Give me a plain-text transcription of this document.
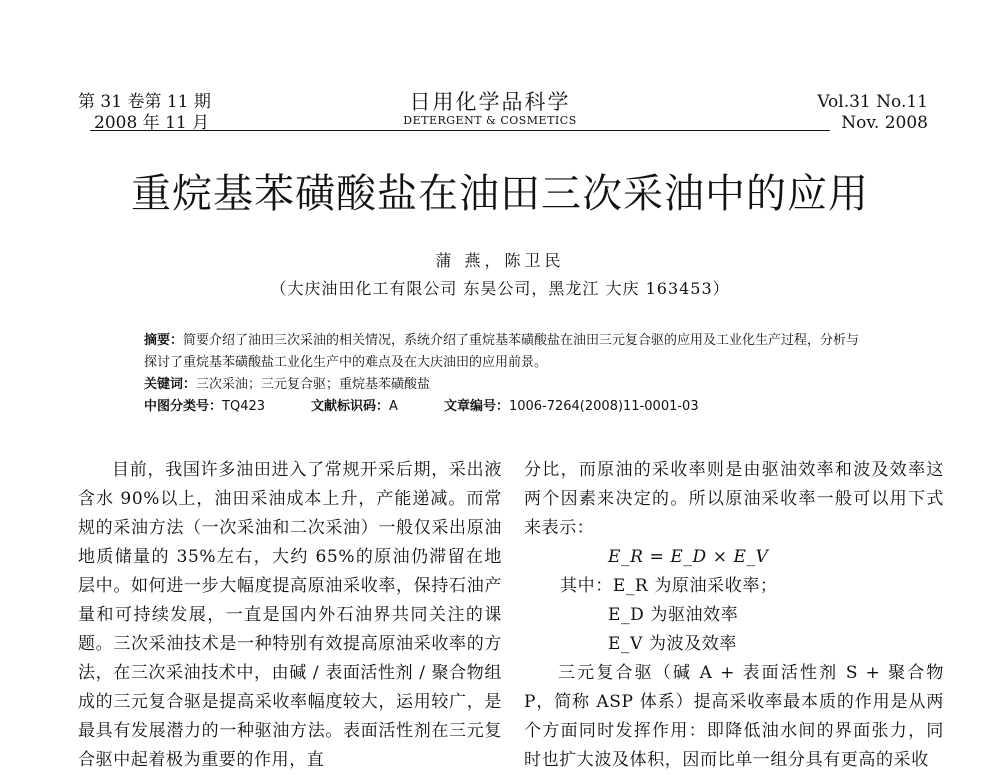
第 31 卷第 11 期
2008 年 11 月
日用化学品科学
DETERGENT & COSMETICS
Vol.31 No.11
Nov. 2008
重烷基苯磺酸盐在油田三次采油中的应用
蒲 燕，陈卫民
（大庆油田化工有限公司 东昊公司，黑龙江 大庆 163453）
摘要：简要介绍了油田三次采油的相关情况，系统介绍了重烷基苯磺酸盐在油田三元复合驱的应用及工业化生产过程，分析与探讨了重烷基苯磺酸盐工业化生产中的难点及在大庆油田的应用前景。
关键词：三次采油；三元复合驱；重烷基苯磺酸盐
中图分类号：TQ423	文献标识码：A	文章编号：1006-7264(2008)11-0001-03

目前，我国许多油田进入了常规开采后期，采出液含水 90%以上，油田采油成本上升，产能递减。而常规的采油方法（一次采油和二次采油）一般仅采出原油地质储量的 35%左右，大约 65%的原油仍滞留在地层中。如何进一步大幅度提高原油采收率，保持石油产量和可持续发展，一直是国内外石油界共同关注的课题。三次采油技术是一种特别有效提高原油采收率的方法，在三次采油技术中，由碱 / 表面活性剂 / 聚合物组成的三元复合驱是提高采收率幅度较大，运用较广，是最具有发展潜力的一种驱油方法。表面活性剂在三元复合驱中起着极为重要的作用，直

分比，而原油的采收率则是由驱油效率和波及效率这两个因素来决定的。所以原油采收率一般可以用下式来表示：

E_R = E_D × E_V

其中：E_R 为原油采收率；

E_D 为驱油效率

E_V 为波及效率

三元复合驱（碱 A + 表面活性剂 S + 聚合物 P，简称 ASP 体系）提高采收率最本质的作用是从两个方面同时发挥作用：即降低油水间的界面张力，同时也扩大波及体积，因而比单一组分具有更高的采收
